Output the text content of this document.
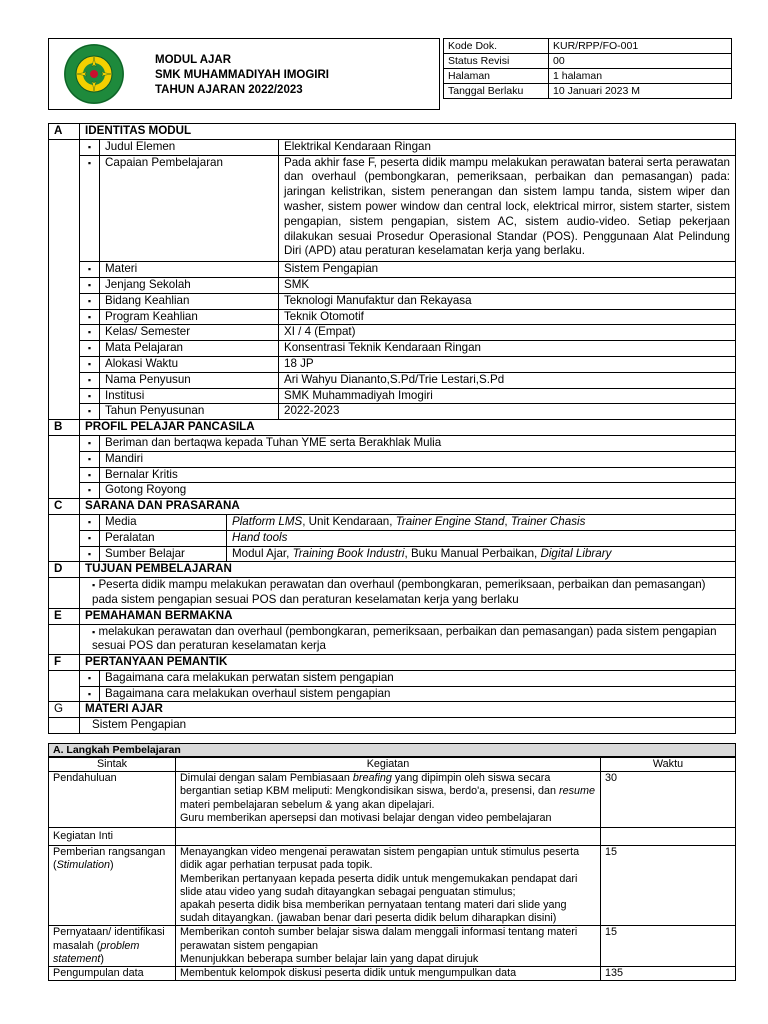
MODUL AJAR
SMK MUHAMMADIYAH IMOGIRI
TAHUN AJARAN 2022/2023
Kode Dok.	KUR/RPP/FO-001
Status Revisi	00
Halaman	1 halaman
Tanggal Berlaku	10 Januari 2023 M
A	IDENTITAS MODUL			
	▪	Judul Elemen		Elektrikal Kendaraan Ringan
	▪	Capaian Pembelajaran		Pada akhir fase F, peserta didik mampu melakukan perawatan baterai serta perawatan dan overhaul (pembongkaran, pemeriksaan, perbaikan dan pemasangan) pada: jaringan kelistrikan, sistem penerangan dan sistem lampu tanda, sistem wiper dan washer, sistem power window dan central lock, elektrical mirror, sistem starter, sistem pengapian, sistem pengapian, sistem AC, sistem audio-video. Setiap pekerjaan dilakukan sesuai Prosedur Operasional Standar (POS). Penggunaan Alat Pelindung Diri (APD) atau peraturan keselamatan kerja yang berlaku.
	▪	Materi		Sistem Pengapian
	▪	Jenjang Sekolah		SMK
	▪	Bidang Keahlian		Teknologi Manufaktur dan Rekayasa
	▪	Program Keahlian		Teknik Otomotif
	▪	Kelas/ Semester		XI / 4 (Empat)
	▪	Mata Pelajaran		Konsentrasi Teknik Kendaraan Ringan
	▪	Alokasi Waktu		18 JP
	▪	Nama Penyusun		Ari Wahyu Diananto,S.Pd/Trie Lestari,S.Pd
	▪	Institusi		SMK Muhammadiyah Imogiri
	▪	Tahun Penyusunan		2022-2023
B	PROFIL PELAJAR PANCASILA			
	▪	Beriman dan bertaqwa kepada Tuhan YME serta Berakhlak Mulia		
	▪	Mandiri		
	▪	Bernalar Kritis		
	▪	Gotong Royong		
C	SARANA DAN PRASARANA			
	▪	Media	Platform LMS, Unit Kendaraan, Trainer Engine Stand, Trainer Chasis	
	▪	Peralatan	Hand tools	
	▪	Sumber Belajar	Modul Ajar, Training Book Industri, Buku Manual Perbaikan, Digital Library	
D	TUJUAN PEMBELAJARAN			
	▪ Peserta didik mampu melakukan perawatan dan overhaul (pembongkaran, pemeriksaan, perbaikan dan pemasangan) pada sistem pengapian sesuai POS dan peraturan keselamatan kerja yang berlaku			
E	PEMAHAMAN BERMAKNA			
	▪ melakukan perawatan dan overhaul (pembongkaran, pemeriksaan, perbaikan dan pemasangan) pada sistem pengapian sesuai POS dan peraturan keselamatan kerja			
F	PERTANYAAN PEMANTIK			
	▪	Bagaimana cara melakukan perwatan sistem pengapian		
	▪	Bagaimana cara melakukan overhaul sistem pengapian		
G	MATERI AJAR			
	Sistem Pengapian			
A. Langkah Pembelajaran
Sintak	Kegiatan	Waktu
Pendahuluan	Dimulai dengan salam Pembiasaan breafing yang dipimpin oleh siswa secara bergantian setiap KBM meliputi: Mengkondisikan siswa, berdo'a, presensi, dan resume materi pembelajaran sebelum & yang akan dipelajari.
Guru memberikan apersepsi dan motivasi belajar dengan video pembelajaran	30
Kegiatan Inti		
Pemberian rangsangan (Stimulation)	Menayangkan video mengenai perawatan sistem pengapian untuk stimulus peserta didik agar perhatian terpusat pada topik.
Memberikan pertanyaan kepada peserta didik untuk mengemukakan pendapat dari slide atau video yang sudah ditayangkan sebagai penguatan stimulus;
apakah peserta didik bisa memberikan pernyataan tentang materi dari slide yang sudah ditayangkan. (jawaban benar dari peserta didik belum diharapkan disini)	15
Pernyataan/ identifikasi masalah (problem statement)	Memberikan contoh sumber belajar siswa dalam menggali informasi tentang materi perawatan sistem pengapian
Menunjukkan beberapa sumber belajar lain yang dapat dirujuk	15
Pengumpulan data	Membentuk kelompok diskusi peserta didik untuk mengumpulkan data	135
